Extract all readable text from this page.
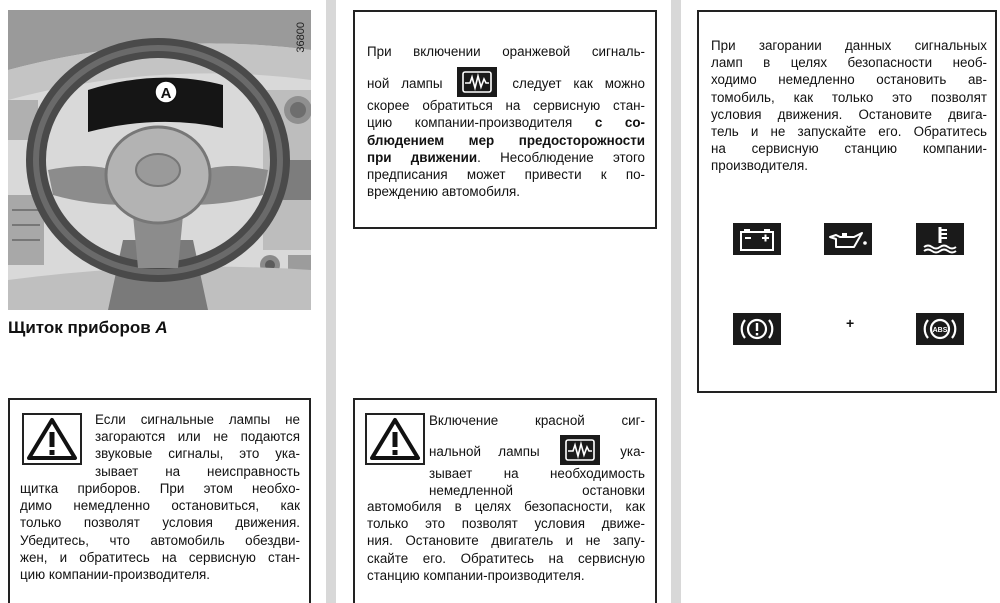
A
36800
Щиток приборов A

Если сигнальные лампы не

загораются или не подаются

звуковые сигналы, это ука-

зывает на неисправность

щитка приборов. При этом необхо-

димо немедленно остановиться, как

только позволят условия движения.

Убедитесь, что автомобиль обездви-

жен, и обратитесь на сервисную стан-

цию компании-производителя.

При включении оранжевой сигналь-

ной лампы	следует как можно

скорее обратиться на сервисную стан-

цию компании-производителя с со-

блюдением мер предосторожности

при движении. Несоблюдение этого

предписания может привести к по-

вреждению автомобиля.

Включение красной сиг-

нальной лампы	ука-

зывает на необходимость

немедленной остановки

автомобиля в целях безопасности, как

только это позволят условия движе-

ния. Остановите двигатель и не запу-

скайте его. Обратитесь на сервисную

станцию компании-производителя.

При загорании данных сигнальных

ламп в целях безопасности необ-

ходимо немедленно остановить ав-

томобиль, как только это позволят

условия движения. Остановите двига-

тель и не запускайте его. Обратитесь

на сервисную станцию компании-

производителя.

+	ABS
